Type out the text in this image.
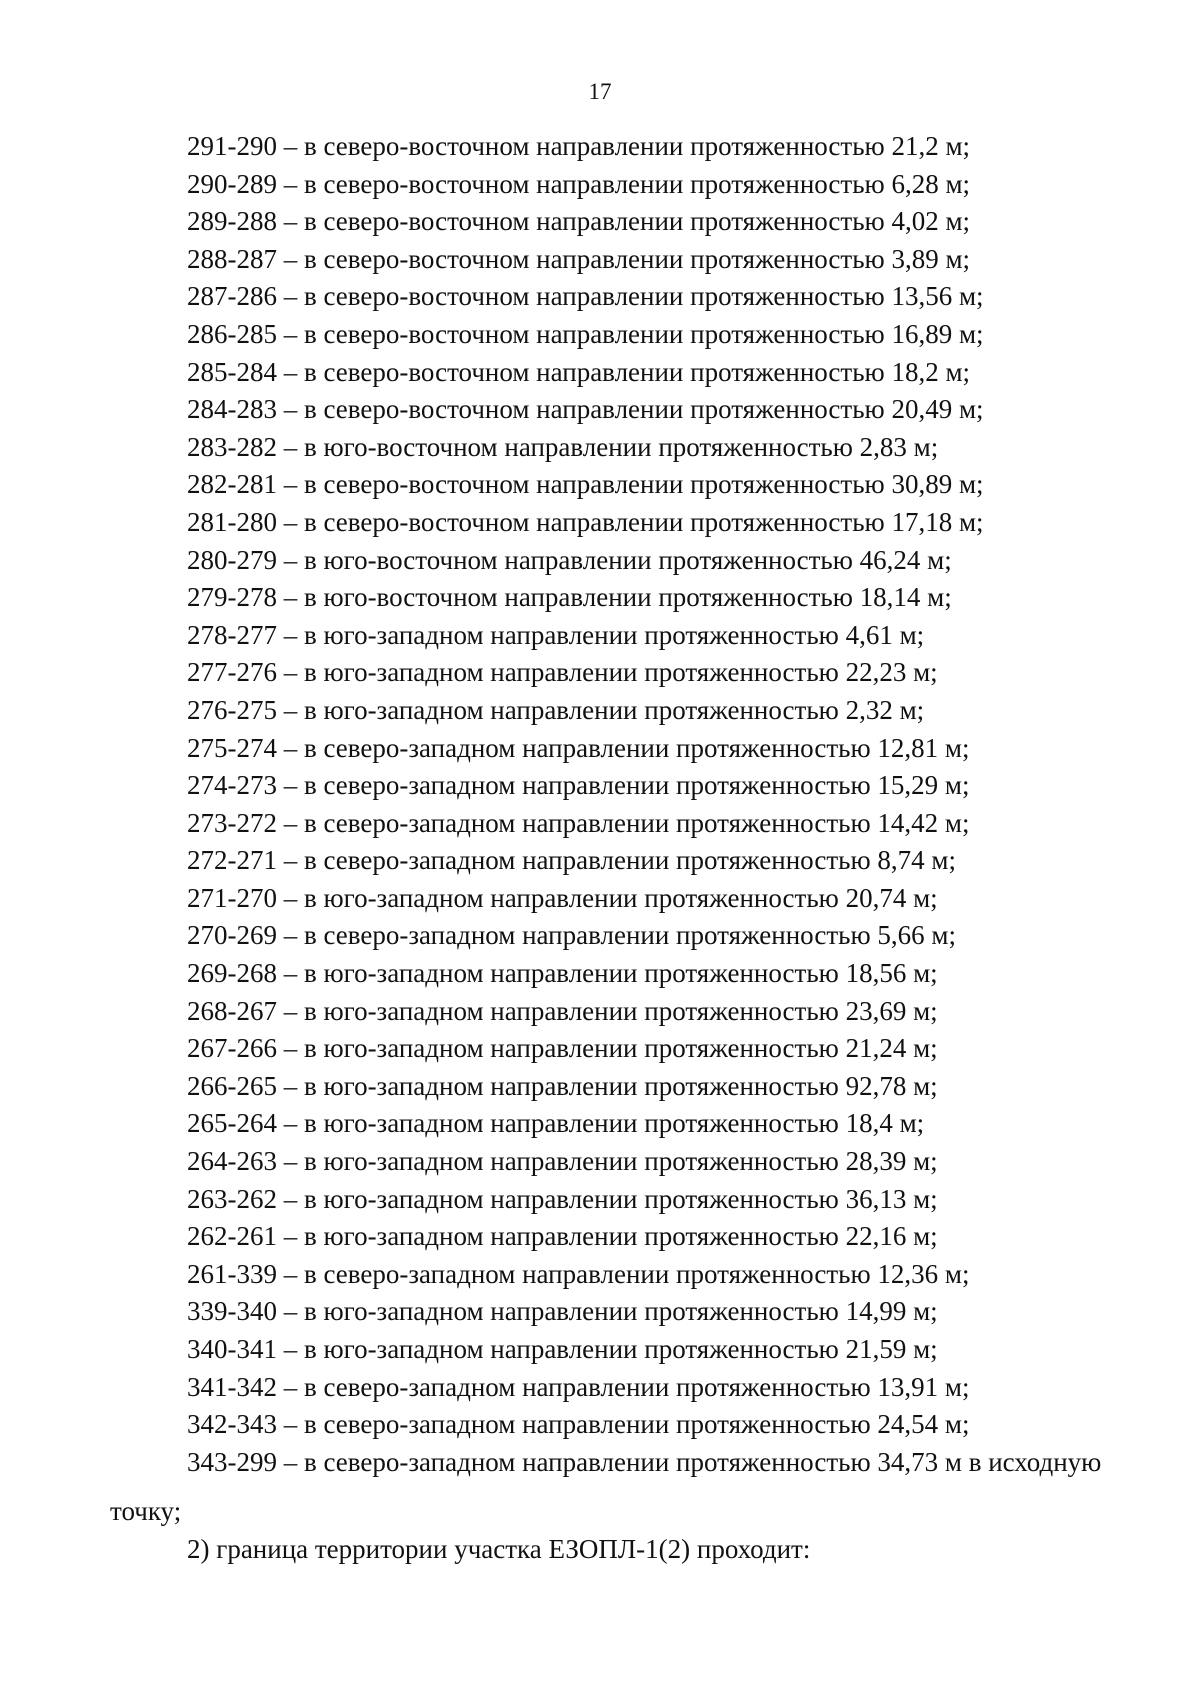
17
291-290 – в северо-восточном направлении протяженностью 21,2 м;
290-289 – в северо-восточном направлении протяженностью 6,28 м;
289-288 – в северо-восточном направлении протяженностью 4,02 м;
288-287 – в северо-восточном направлении протяженностью 3,89 м;
287-286 – в северо-восточном направлении протяженностью 13,56 м;
286-285 – в северо-восточном направлении протяженностью 16,89 м;
285-284 – в северо-восточном направлении протяженностью 18,2 м;
284-283 – в северо-восточном направлении протяженностью 20,49 м;
283-282 – в юго-восточном направлении протяженностью 2,83 м;
282-281 – в северо-восточном направлении протяженностью 30,89 м;
281-280 – в северо-восточном направлении протяженностью 17,18 м;
280-279 – в юго-восточном направлении протяженностью 46,24 м;
279-278 – в юго-восточном направлении протяженностью 18,14 м;
278-277 – в юго-западном направлении протяженностью 4,61 м;
277-276 – в юго-западном направлении протяженностью 22,23 м;
276-275 – в юго-западном направлении протяженностью 2,32 м;
275-274 – в северо-западном направлении протяженностью 12,81 м;
274-273 – в северо-западном направлении протяженностью 15,29 м;
273-272 – в северо-западном направлении протяженностью 14,42 м;
272-271 – в северо-западном направлении протяженностью 8,74 м;
271-270 – в юго-западном направлении протяженностью 20,74 м;
270-269 – в северо-западном направлении протяженностью 5,66 м;
269-268 – в юго-западном направлении протяженностью 18,56 м;
268-267 – в юго-западном направлении протяженностью 23,69 м;
267-266 – в юго-западном направлении протяженностью 21,24 м;
266-265 – в юго-западном направлении протяженностью 92,78 м;
265-264 – в юго-западном направлении протяженностью 18,4 м;
264-263 – в юго-западном направлении протяженностью 28,39 м;
263-262 – в юго-западном направлении протяженностью 36,13 м;
262-261 – в юго-западном направлении протяженностью 22,16 м;
261-339 – в северо-западном направлении протяженностью 12,36 м;
339-340 – в юго-западном направлении протяженностью 14,99 м;
340-341 – в юго-западном направлении протяженностью 21,59 м;
341-342 – в северо-западном направлении протяженностью 13,91 м;
342-343 – в северо-западном направлении протяженностью 24,54 м;
343-299 – в северо-западном направлении протяженностью 34,73 м в исходную
точку;
2) граница территории участка ЕЗОПЛ-1(2) проходит:
